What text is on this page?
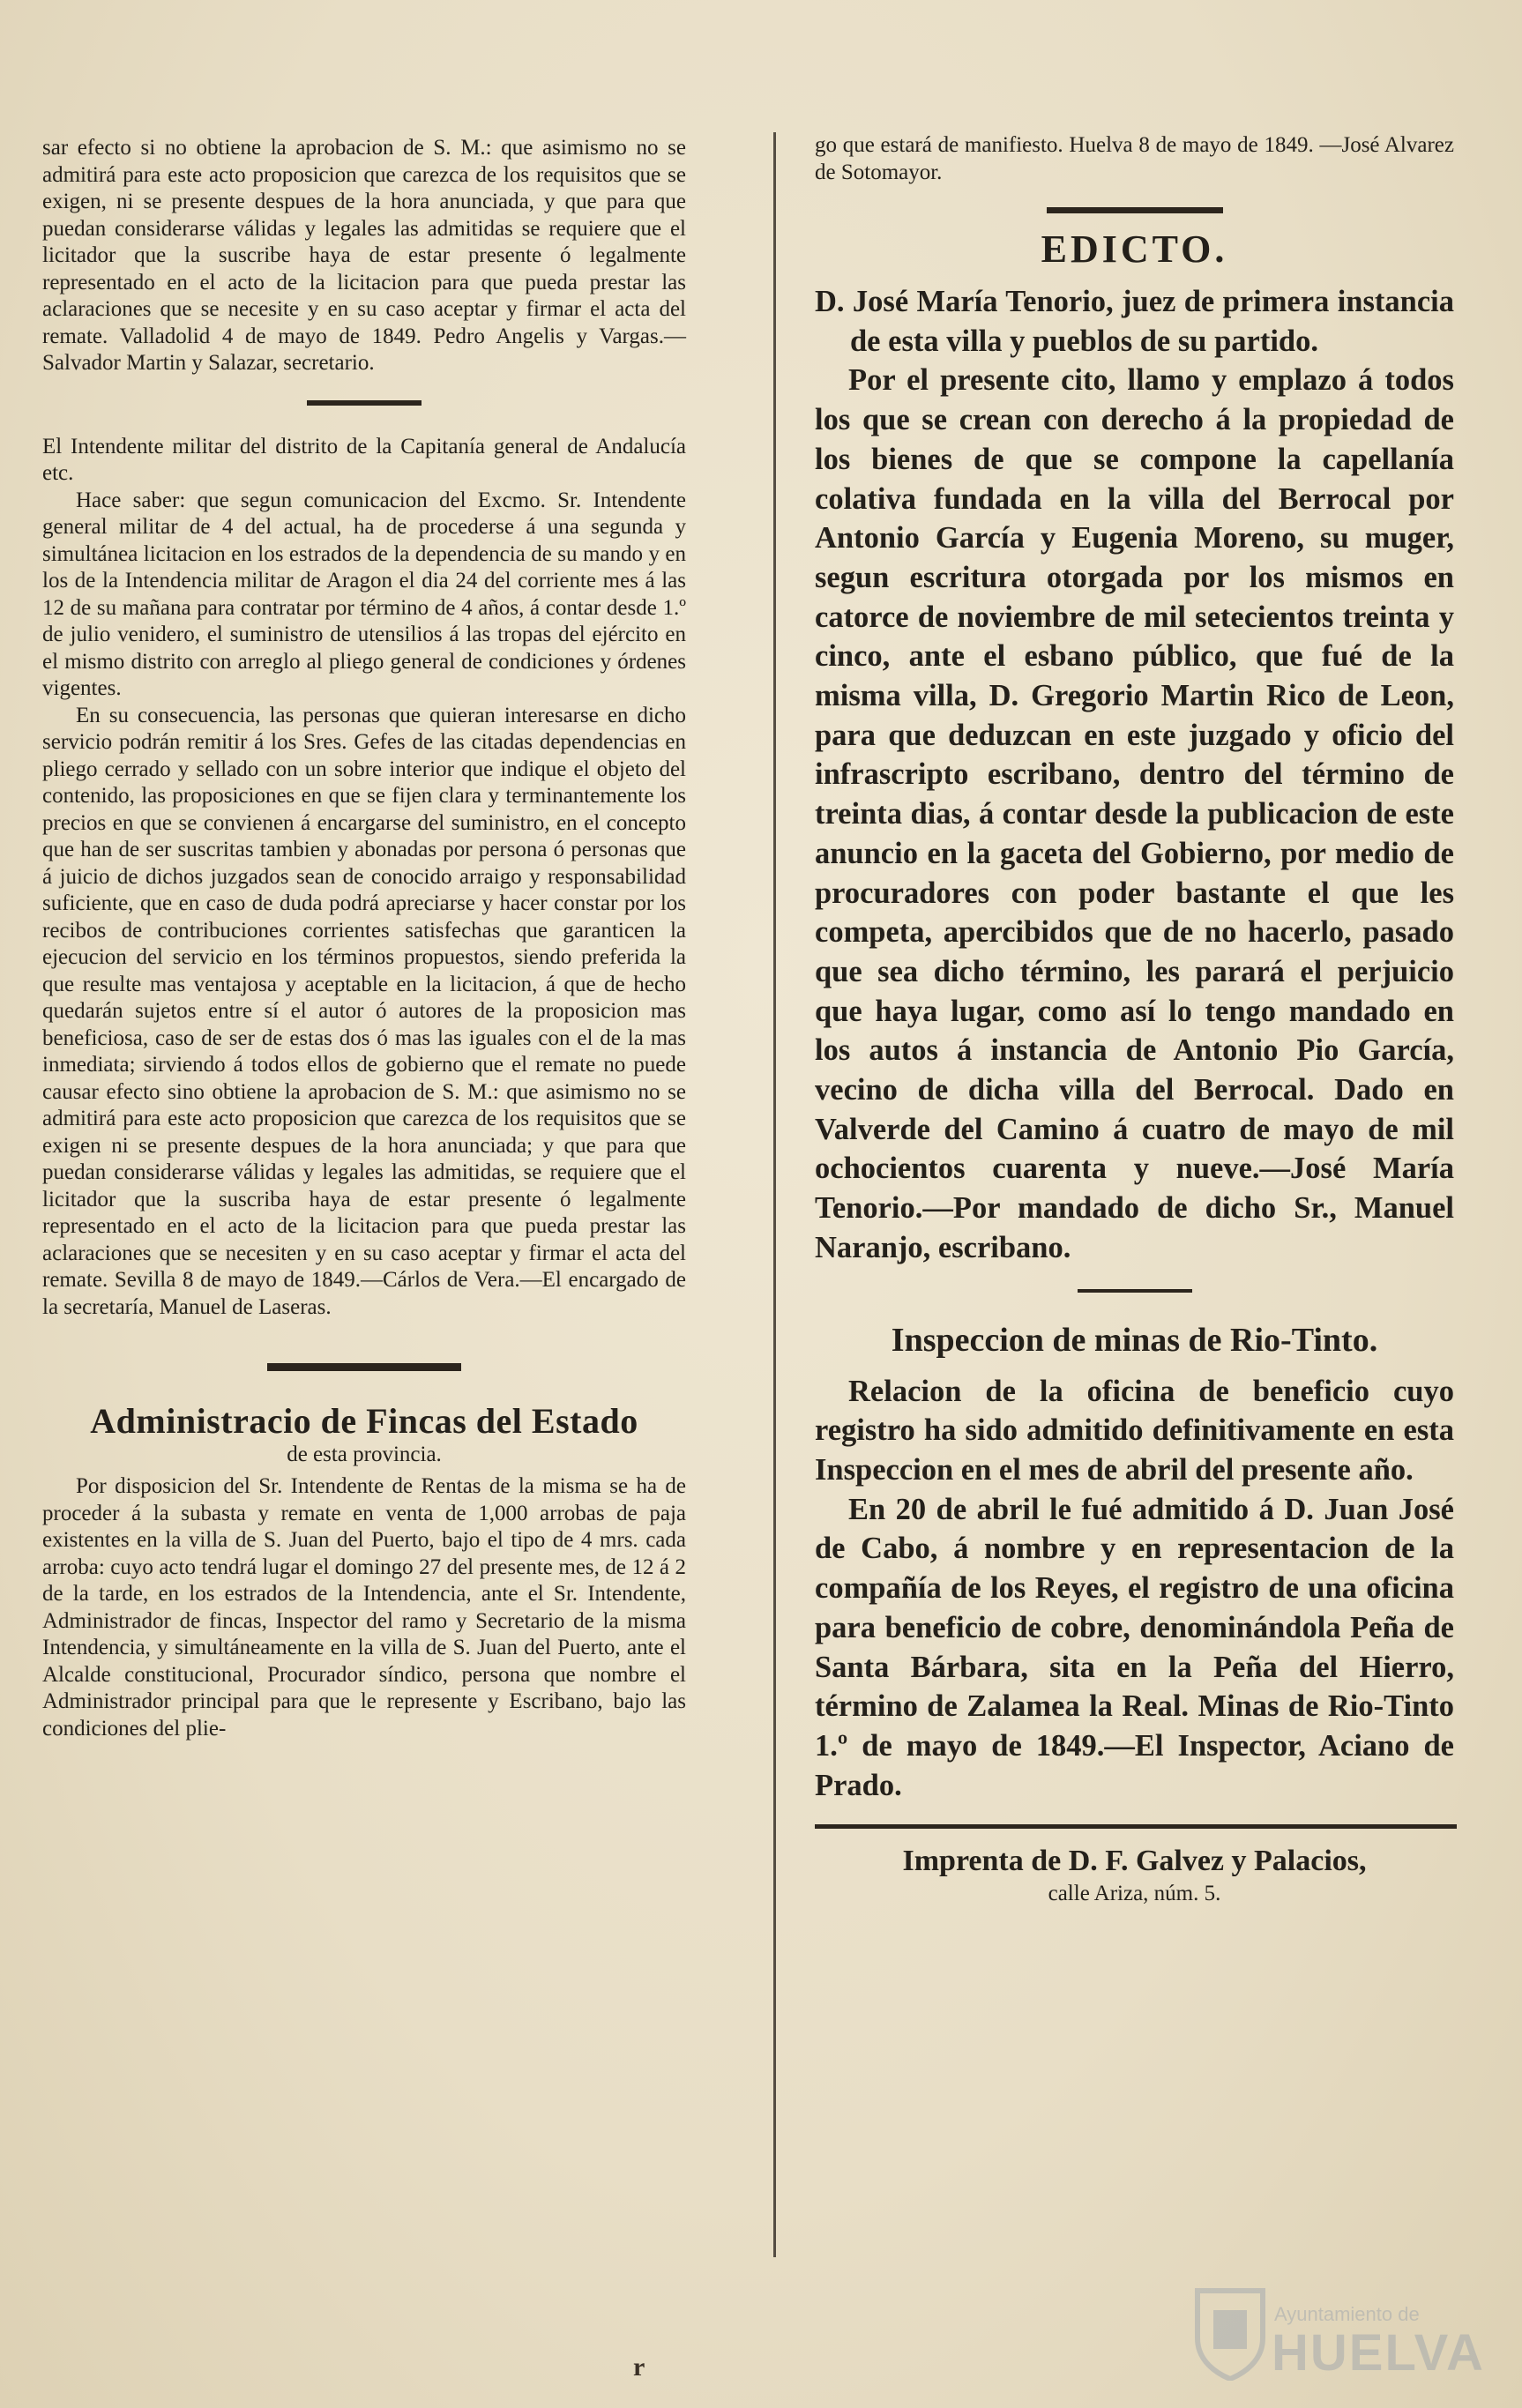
sar efecto si no obtiene la aprobacion de S. M.: que asimismo no se admitirá para este acto proposicion que carezca de los requisitos que se exigen, ni se presente despues de la hora anunciada, y que para que puedan considerarse válidas y legales las admitidas se requiere que el licitador que la suscribe haya de estar presente ó legalmente representado en el acto de la licitacion para que pueda prestar las aclaraciones que se necesite y en su caso aceptar y firmar el acta del remate. Valladolid 4 de mayo de 1849. Pedro Angelis y Vargas.—Salvador Martin y Salazar, secretario.

El Intendente militar del distrito de la Capitanía general de Andalucía etc.

Hace saber: que segun comunicacion del Excmo. Sr. Intendente general militar de 4 del actual, ha de procederse á una segunda y simultánea licitacion en los estrados de la dependencia de su mando y en los de la Intendencia militar de Aragon el dia 24 del corriente mes á las 12 de su mañana para contratar por término de 4 años, á contar desde 1.º de julio venidero, el suministro de utensilios á las tropas del ejército en el mismo distrito con arreglo al pliego general de condiciones y órdenes vigentes.

En su consecuencia, las personas que quieran interesarse en dicho servicio podrán remitir á los Sres. Gefes de las citadas dependencias en pliego cerrado y sellado con un sobre interior que indique el objeto del contenido, las proposiciones en que se fijen clara y terminantemente los precios en que se convienen á encargarse del suministro, en el concepto que han de ser suscritas tambien y abonadas por persona ó personas que á juicio de dichos juzgados sean de conocido arraigo y responsabilidad suficiente, que en caso de duda podrá apreciarse y hacer constar por los recibos de contribuciones corrientes satisfechas que garanticen la ejecucion del servicio en los términos propuestos, siendo preferida la que resulte mas ventajosa y aceptable en la licitacion, á que de hecho quedarán sujetos entre sí el autor ó autores de la proposicion mas beneficiosa, caso de ser de estas dos ó mas las iguales con el de la mas inmediata; sirviendo á todos ellos de gobierno que el remate no puede causar efecto sino obtiene la aprobacion de S. M.: que asimismo no se admitirá para este acto proposicion que carezca de los requisitos que se exigen ni se presente despues de la hora anunciada; y que para que puedan considerarse válidas y legales las admitidas, se requiere que el licitador que la suscriba haya de estar presente ó legalmente representado en el acto de la licitacion para que pueda prestar las aclaraciones que se necesiten y en su caso aceptar y firmar el acta del remate. Sevilla 8 de mayo de 1849.—Cárlos de Vera.—El encargado de la secretaría, Manuel de Laseras.

Administracio de Fincas del Estado
de esta provincia.

Por disposicion del Sr. Intendente de Rentas de la misma se ha de proceder á la subasta y remate en venta de 1,000 arrobas de paja existentes en la villa de S. Juan del Puerto, bajo el tipo de 4 mrs. cada arroba: cuyo acto tendrá lugar el domingo 27 del presente mes, de 12 á 2 de la tarde, en los estrados de la Intendencia, ante el Sr. Intendente, Administrador de fincas, Inspector del ramo y Secretario de la misma Intendencia, y simultáneamente en la villa de S. Juan del Puerto, ante el Alcalde constitucional, Procurador síndico, persona que nombre el Administrador principal para que le represente y Escribano, bajo las condiciones del plie-

go que estará de manifiesto. Huelva 8 de mayo de 1849. —José Alvarez de Sotomayor.

EDICTO.

D. José María Tenorio, juez de primera instancia de esta villa y pueblos de su partido.

Por el presente cito, llamo y emplazo á todos los que se crean con derecho á la propiedad de los bienes de que se compone la capellanía colativa fundada en la villa del Berrocal por Antonio García y Eugenia Moreno, su muger, segun escritura otorgada por los mismos en catorce de noviembre de mil setecientos treinta y cinco, ante el esbano público, que fué de la misma villa, D. Gregorio Martin Rico de Leon, para que deduzcan en este juzgado y oficio del infrascripto escribano, dentro del término de treinta dias, á contar desde la publicacion de este anuncio en la gaceta del Gobierno, por medio de procuradores con poder bastante el que les competa, apercibidos que de no hacerlo, pasado que sea dicho término, les parará el perjuicio que haya lugar, como así lo tengo mandado en los autos á instancia de Antonio Pio García, vecino de dicha villa del Berrocal. Dado en Valverde del Camino á cuatro de mayo de mil ochocientos cuarenta y nueve.—José María Tenorio.—Por mandado de dicho Sr., Manuel Naranjo, escribano.

Inspeccion de minas de Rio-Tinto.

Relacion de la oficina de beneficio cuyo registro ha sido admitido definitivamente en esta Inspeccion en el mes de abril del presente año.

En 20 de abril le fué admitido á D. Juan José de Cabo, á nombre y en representacion de la compañía de los Reyes, el registro de una oficina para beneficio de cobre, denominándola Peña de Santa Bárbara, sita en la Peña del Hierro, término de Zalamea la Real. Minas de Rio-Tinto 1.º de mayo de 1849.—El Inspector, Aciano de Prado.

Imprenta de D. F. Galvez y Palacios,
calle Ariza, núm. 5.
r
Ayuntamiento de
HUELVA
